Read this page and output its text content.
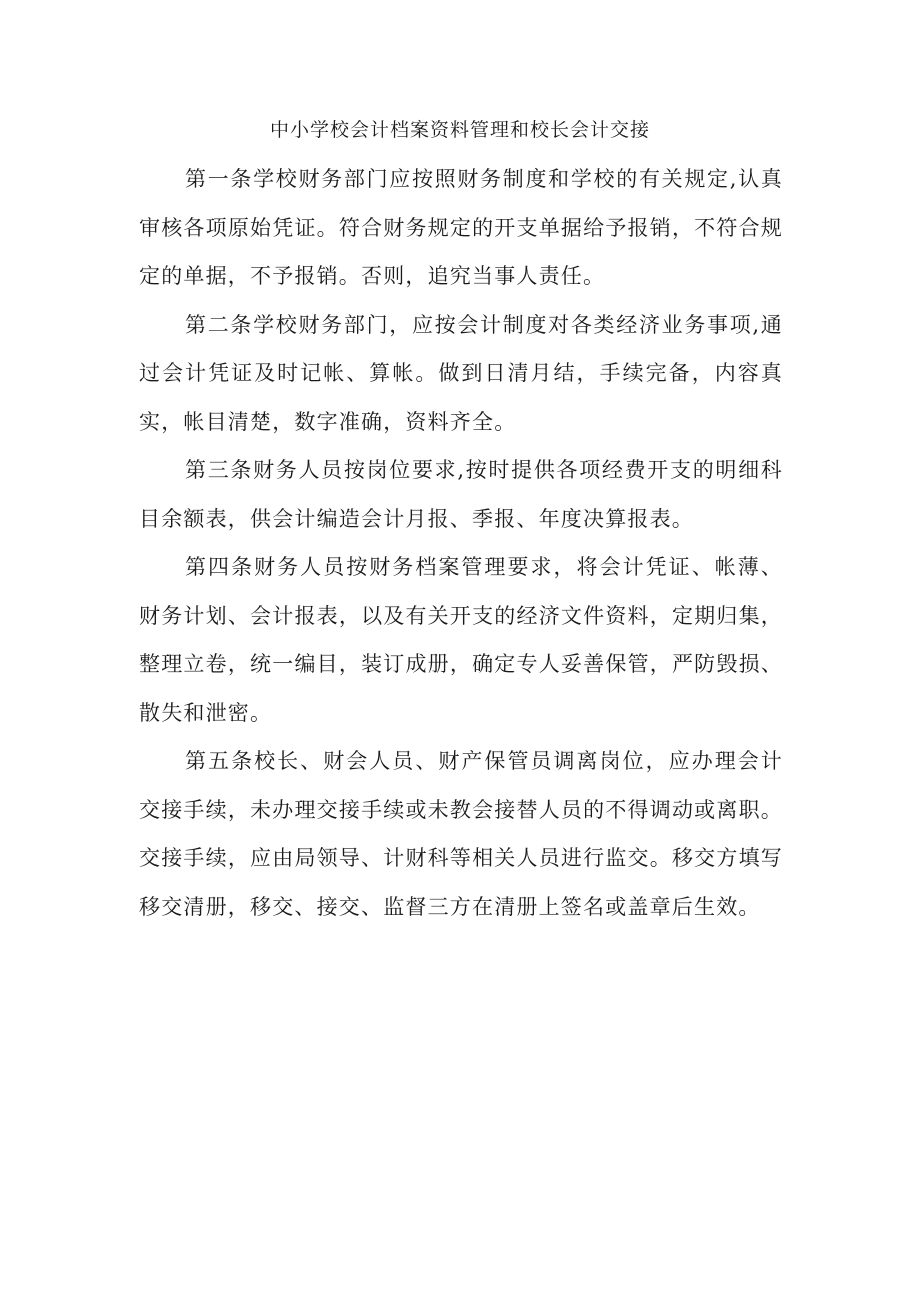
中小学校会计档案资料管理和校长会计交接

第一条学校财务部门应按照财务制度和学校的有关规定,认真审核各项原始凭证。符合财务规定的开支单据给予报销，不符合规定的单据，不予报销。否则，追究当事人责任。

第二条学校财务部门，应按会计制度对各类经济业务事项,通过会计凭证及时记帐、算帐。做到日清月结，手续完备，内容真实，帐目清楚，数字准确，资料齐全。

第三条财务人员按岗位要求,按时提供各项经费开支的明细科目余额表，供会计编造会计月报、季报、年度决算报表。

第四条财务人员按财务档案管理要求，将会计凭证、帐薄、财务计划、会计报表，以及有关开支的经济文件资料，定期归集，整理立卷，统一编目，装订成册，确定专人妥善保管，严防毁损、散失和泄密。

第五条校长、财会人员、财产保管员调离岗位，应办理会计交接手续，未办理交接手续或未教会接替人员的不得调动或离职。交接手续，应由局领导、计财科等相关人员进行监交。移交方填写移交清册，移交、接交、监督三方在清册上签名或盖章后生效。
